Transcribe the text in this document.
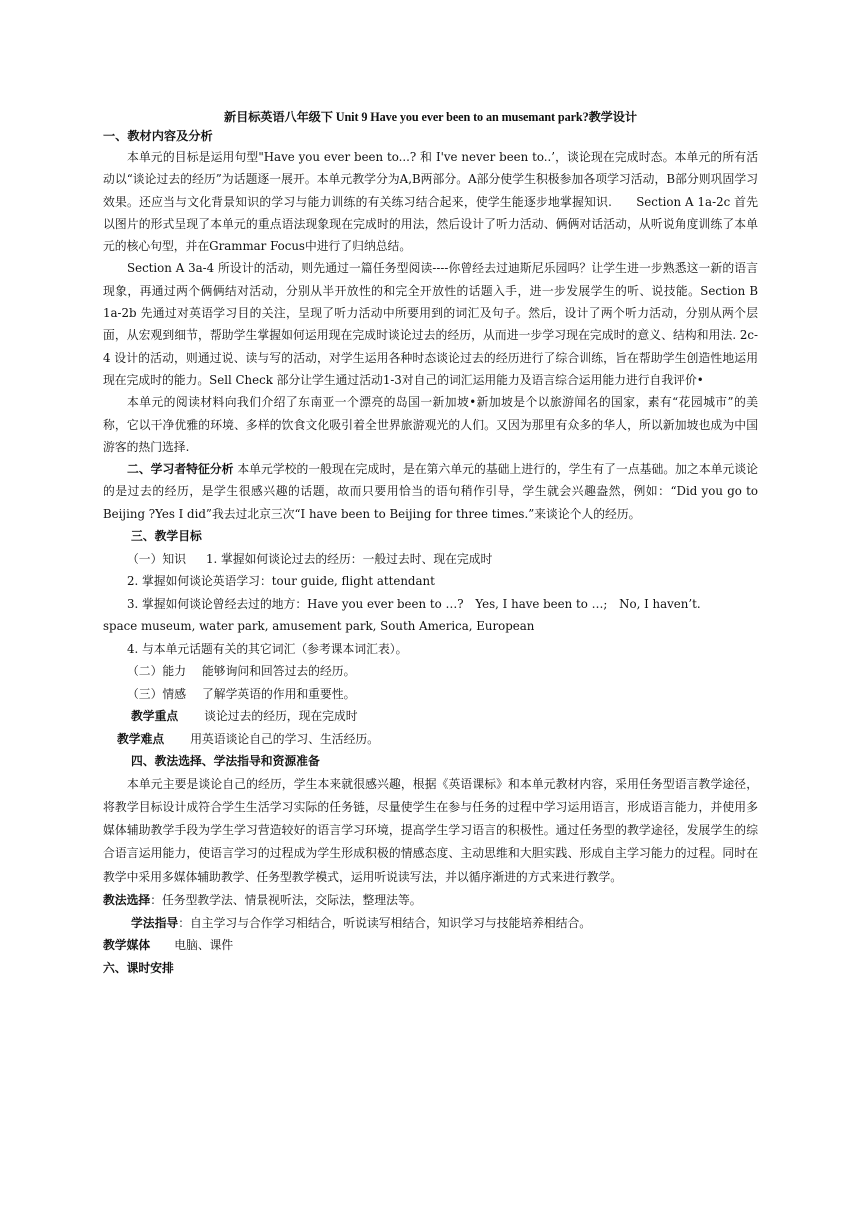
新目标英语八年级下 Unit 9 Have you ever been to an musemant park?教学设计

一、教材内容及分析

本单元的目标是运用句型"Have you ever been to...? 和 I've never been to..’，谈论现在完成时态。本单元的所有活动以“谈论过去的经历”为话题逐一展开。本单元教学分为A,B两部分。A部分使学生积极参加各项学习活动，B部分则巩固学习效果。还应当与文化背景知识的学习与能力训练的有关练习结合起来，使学生能逐步地掌握知识.　　Section A 1a-2c 首先以图片的形式呈现了本单元的重点语法现象现在完成时的用法，然后设计了听力活动、俩俩对话活动，从听说角度训练了本单元的核心句型，并在Grammar Focus中进行了归纳总结。

Section A 3a-4 所设计的活动，则先通过一篇任务型阅读----你曾经去过迪斯尼乐园吗？让学生进一步熟悉这一新的语言现象，再通过两个俩俩结对活动，分别从半开放性的和完全开放性的话题入手，进一步发展学生的听、说技能。Section B 1a-2b 先通过对英语学习目的关注，呈现了听力活动中所要用到的词汇及句子。然后，设计了两个听力活动，分别从两个层面，从宏观到细节，帮助学生掌握如何运用现在完成时谈论过去的经历，从而进一步学习现在完成时的意义、结构和用法. 2c-4 设计的活动，则通过说、读与写的活动，对学生运用各种时态谈论过去的经历进行了综合训练，旨在帮助学生创造性地运用现在完成时的能力。Sell Check 部分让学生通过活动1-3对自己的词汇运用能力及语言综合运用能力进行自我评价•

本单元的阅读材料向我们介绍了东南亚一个漂亮的岛国一新加坡•新加坡是个以旅游闻名的国家，素有“花园城市”的美称，它以干净优雅的环境、多样的饮食文化吸引着全世界旅游观光的人们。又因为那里有众多的华人，所以新加坡也成为中国游客的热门选择.

二、学习者特征分析 本单元学校的一般现在完成时，是在第六单元的基础上进行的，学生有了一点基础。加之本单元谈论的是过去的经历，是学生很感兴趣的话题，故而只要用恰当的语句稍作引导，学生就会兴趣盎然，例如：“Did you go to Beijing ?Yes I did”我去过北京三次“I have been to Beijing for three times.”来谈论个人的经历。

三、教学目标

（一）知识 1. 掌握如何谈论过去的经历：一般过去时、现在完成时

2. 掌握如何谈论英语学习：tour guide, flight attendant

3. 掌握如何谈论曾经去过的地方：Have you ever been to …?　Yes, I have been to …;　No, I haven’t.

space museum, water park, amusement park, South America, European

4. 与本单元话题有关的其它词汇（参考课本词汇表）。

（二）能力 能够询问和回答过去的经历。

（三）情感 了解学英语的作用和重要性。

教学重点 谈论过去的经历，现在完成时

教学难点 用英语谈论自己的学习、生活经历。

四、教法选择、学法指导和资源准备

本单元主要是谈论自己的经历，学生本来就很感兴趣，根据《英语课标》和本单元教材内容，采用任务型语言教学途径，将教学目标设计成符合学生生活学习实际的任务链，尽量使学生在参与任务的过程中学习运用语言，形成语言能力，并使用多媒体辅助教学手段为学生学习营造较好的语言学习环境，提高学生学习语言的积极性。通过任务型的教学途径，发展学生的综合语言运用能力，使语言学习的过程成为学生形成积极的情感态度、主动思维和大胆实践、形成自主学习能力的过程。同时在教学中采用多媒体辅助教学、任务型教学模式，运用听说读写法，并以循序渐进的方式来进行教学。

教法选择：任务型教学法、情景视听法，交际法，整理法等。

学法指导：自主学习与合作学习相结合，听说读写相结合，知识学习与技能培养相结合。

教学媒体 电脑、课件

六、课时安排
